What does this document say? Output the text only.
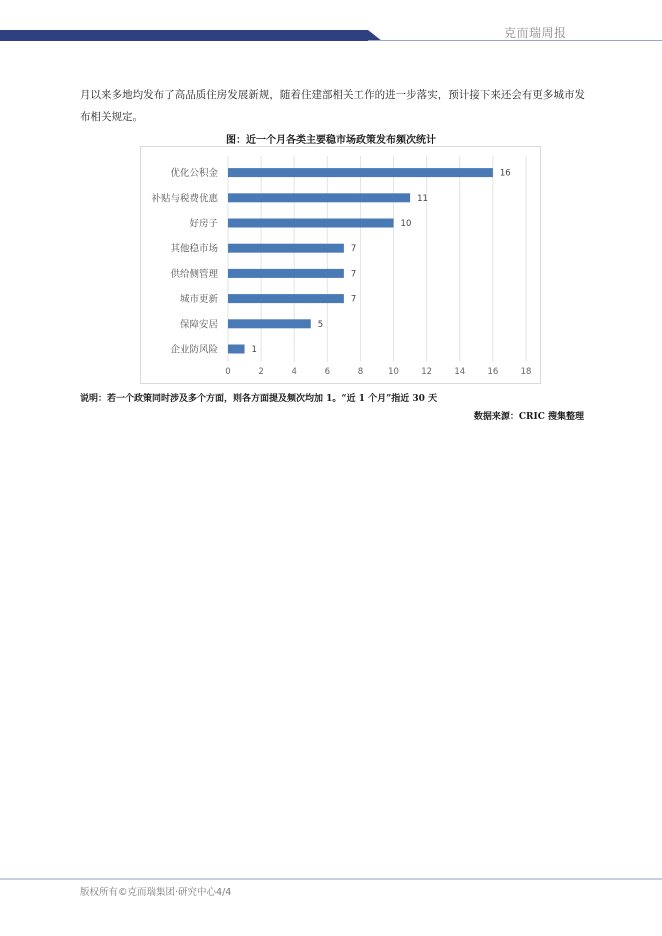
克而瑞周报
月以来多地均发布了高品质住房发展新规，随着住建部相关工作的进一步落实，预计接下来还会有更多城市发布相关规定。
图：近一个月各类主要稳市场政策发布频次统计
0	2	4	6	8	10	12	14	16	18
优化公积金	16
补贴与税费优惠	11
好房子	10
其他稳市场	7
供给侧管理	7
城市更新	7
保障安居	5
企业防风险	1
说明：若一个政策同时涉及多个方面，则各方面提及频次均加 1。“近 1 个月”指近 30 天
数据来源：CRIC 搜集整理
版权所有©克而瑞集团·研究中心4/4
